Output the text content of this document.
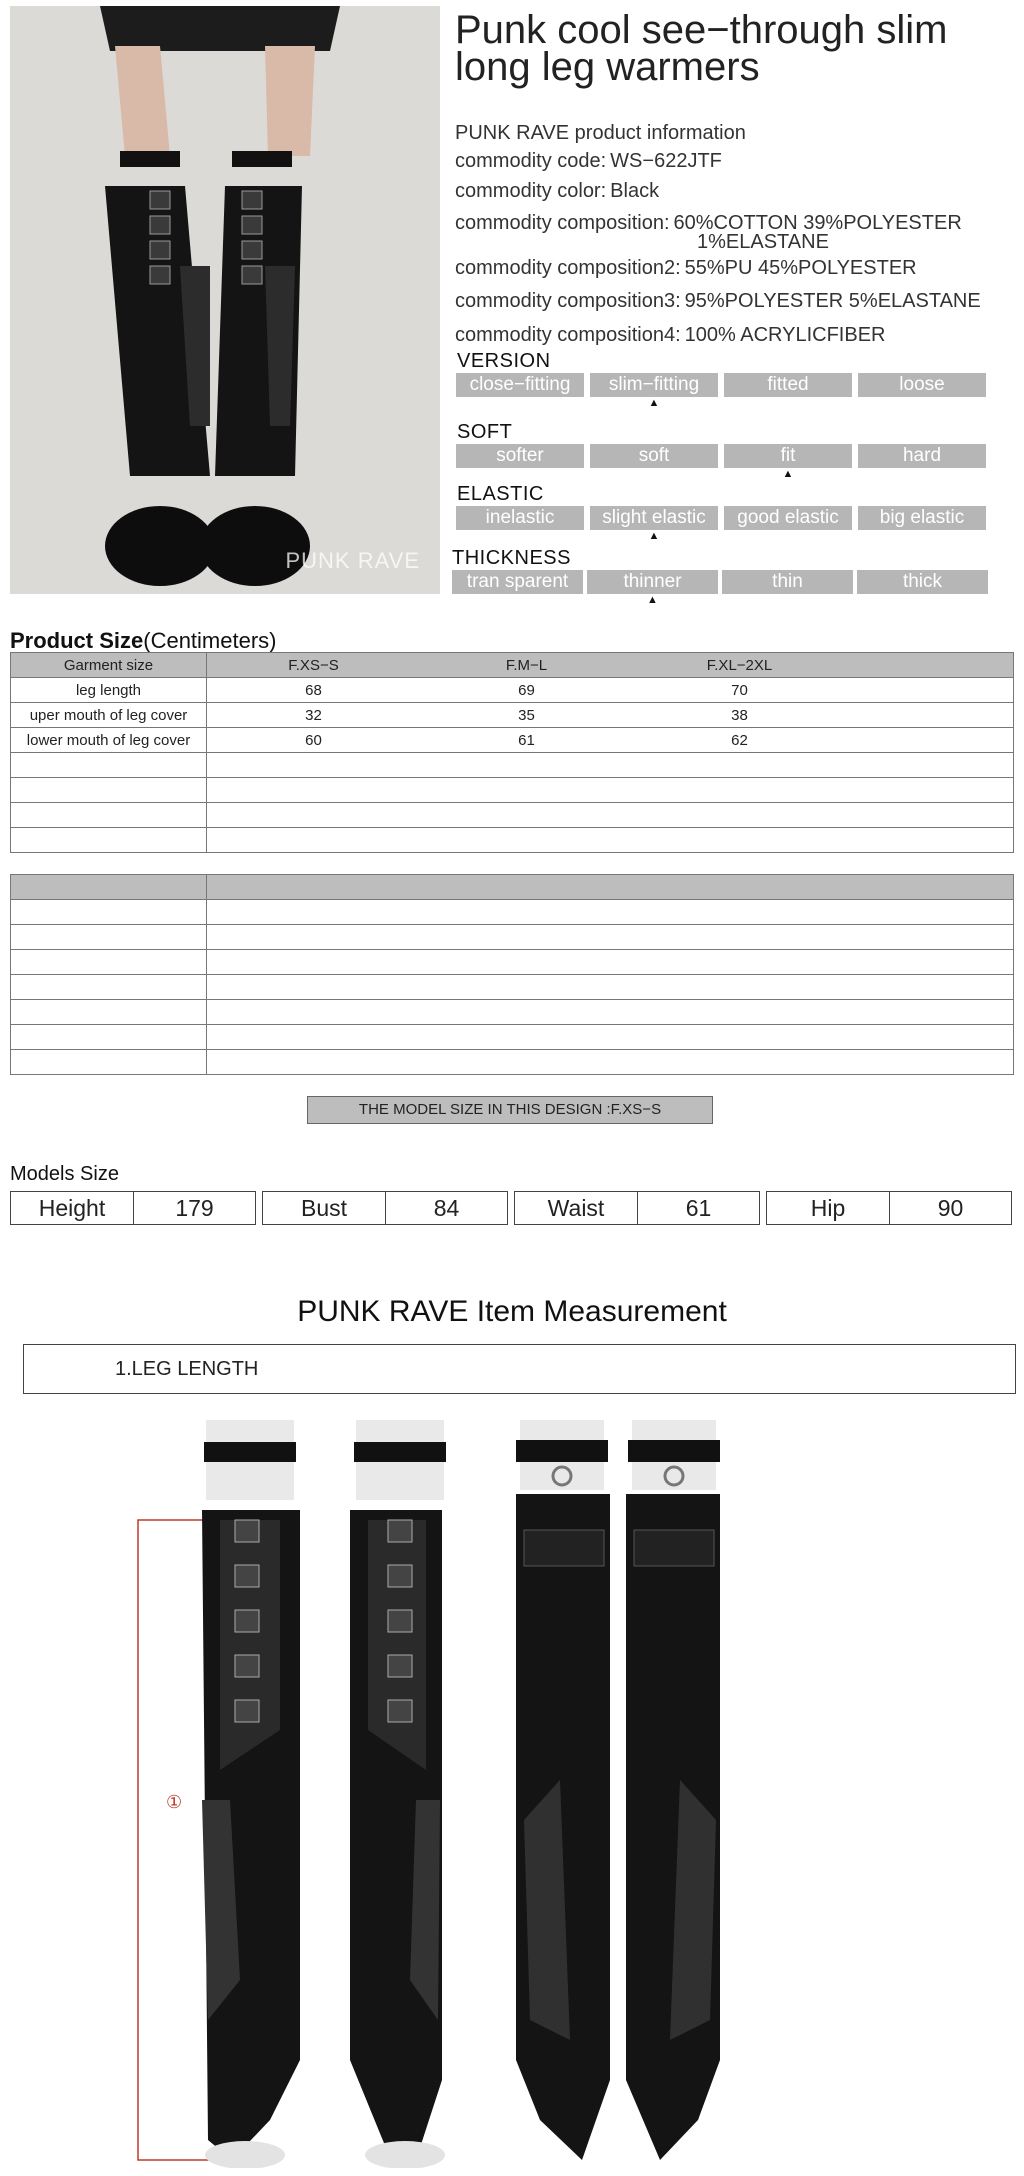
PUNK RAVE
Punk cool see−through slim long leg warmers
PUNK RAVE product information
commodity code: WS−622JTF
commodity color: Black
commodity composition: 60%COTTON 39%POLYESTER
1%ELASTANE
commodity composition2: 55%PU 45%POLYESTER
commodity composition3: 95%POLYESTER 5%ELASTANE
commodity composition4: 100% ACRYLICFIBER
VERSION
close−fitting	slim−fitting ▲	fitted	loose
SOFT
softer	soft	fit ▲	hard
ELASTIC
inelastic	slight elastic ▲	good elastic	big elastic
THICKNESS
tran sparent	thinner ▲	thin	thick
Product Size(Centimeters)
Garment size	F.XS−S F.M−L F.XL−2XL

leg length	68 69 70

uper mouth of leg cover	32 35 38

lower mouth of leg cover	60 61 62

THE MODEL SIZE IN THIS DESIGN :F.XS−S
Models Size
Height	179	Bust	84	Waist	61	Hip	90
PUNK RAVE Item Measurement
1.LEG LENGTH
①
